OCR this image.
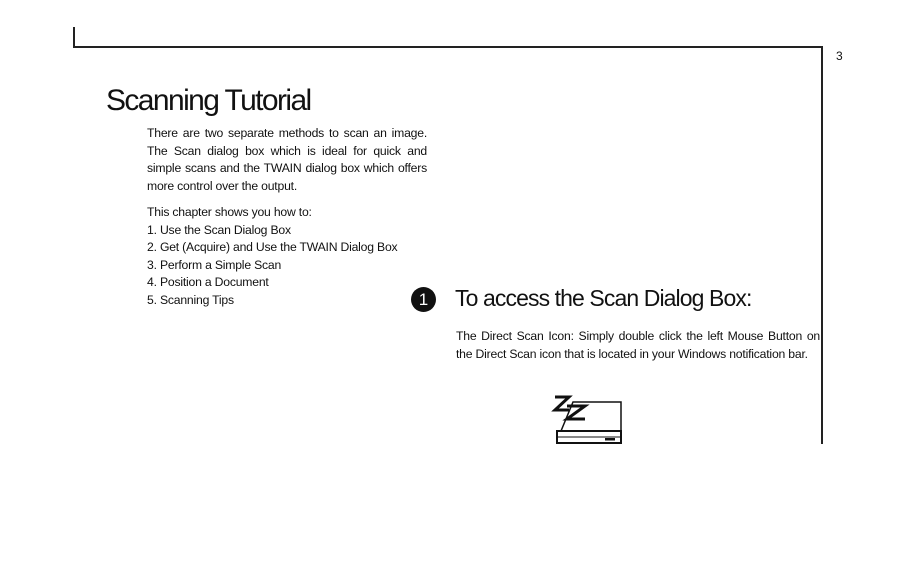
3
Scanning Tutorial

There are two separate methods to scan an image. The Scan dialog box which is ideal for quick and simple scans and the TWAIN dialog box which offers more control over the output.

This chapter shows you how to:

1. Use the Scan Dialog Box
2. Get (Acquire) and Use the TWAIN Dialog Box
3. Perform a Simple Scan
4. Position a Document
5. Scanning Tips	1	To access the Scan Dialog Box:

The Direct Scan Icon: Simply double click the left Mouse Button on the Direct Scan icon that is located in your Windows notification bar.
